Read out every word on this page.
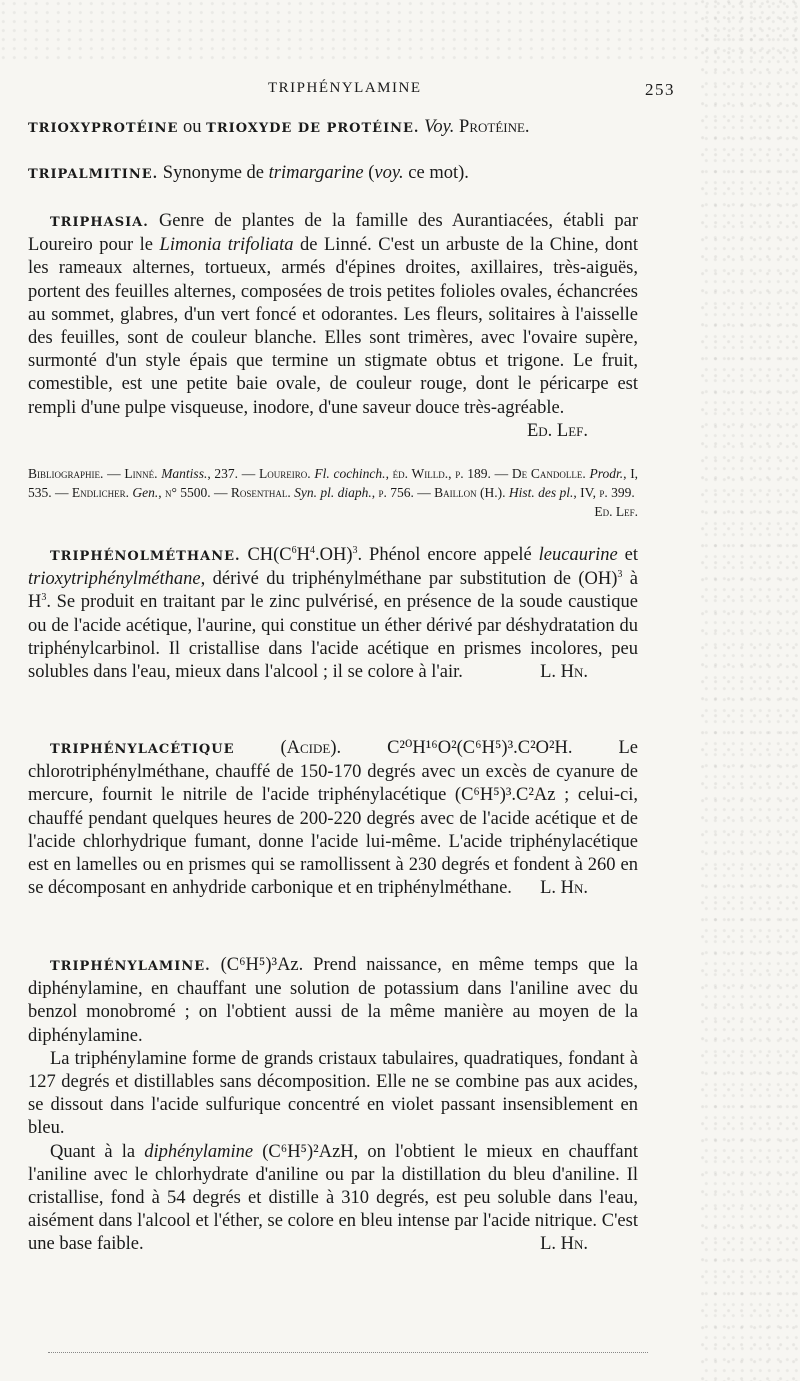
TRIPHÉNYLAMINE	253
TRIOXYPROTÉINE ou TRIOXYDE DE PROTÉINE. Voy. Protéine.
TRIPALMITINE. Synonyme de trimargarine (voy. ce mot).
TRIPHASIA. Genre de plantes de la famille des Aurantiacées, établi par Loureiro pour le Limonia trifoliata de Linné. C'est un arbuste de la Chine, dont les rameaux alternes, tortueux, armés d'épines droites, axillaires, très-aiguës, portent des feuilles alternes, composées de trois petites folioles ovales, échancrées au sommet, glabres, d'un vert foncé et odorantes. Les fleurs, solitaires à l'aisselle des feuilles, sont de couleur blanche. Elles sont trimères, avec l'ovaire supère, surmonté d'un style épais que termine un stigmate obtus et trigone. Le fruit, comestible, est une petite baie ovale, de couleur rouge, dont le péricarpe est rempli d'une pulpe visqueuse, inodore, d'une saveur douce très-agréable.
Ed. Lef.
Bibliographie. — Linné. Mantiss., 237. — Loureiro. Fl. cochinch., éd. Willd., p. 189. — De Candolle. Prodr., I, 535. — Endlicher. Gen., n° 5500. — Rosenthal. Syn. pl. diaph., p. 756. — Baillon (H.). Hist. des pl., IV, p. 399.
Ed. Lef.
TRIPHÉNOLMÉTHANE. $CH(C^6H^4.OH)^3$. Phénol encore appelé leucaurine et trioxytriphénylméthane, dérivé du triphénylméthane par substitution de (OH)$^3$ à $H^3$. Se produit en traitant par le zinc pulvérisé, en présence de la soude caustique ou de l'acide acétique, l'aurine, qui constitue un éther dérivé par déshydratation du triphénylcarbinol. Il cristallise dans l'acide acétique en prismes incolores, peu solubles dans l'eau, mieux dans l'alcool ; il se colore à l'air.	L. Hn.
TRIPHÉNYLACÉTIQUE (Acide). C²⁰H¹⁶O²(C⁶H⁵)³.C²O²H. Le chlorotriphénylméthane, chauffé de 150-170 degrés avec un excès de cyanure de mercure, fournit le nitrile de l'acide triphénylacétique (C⁶H⁵)³.C²Az ; celui-ci, chauffé pendant quelques heures de 200-220 degrés avec de l'acide acétique et de l'acide chlorhydrique fumant, donne l'acide lui-même. L'acide triphénylacétique est en lamelles ou en prismes qui se ramollissent à 230 degrés et fondent à 260 en se décomposant en anhydride carbonique et en triphénylméthane.	L. Hn.
TRIPHÉNYLAMINE. (C⁶H⁵)³Az. Prend naissance, en même temps que la diphénylamine, en chauffant une solution de potassium dans l'aniline avec du benzol monobromé ; on l'obtient aussi de la même manière au moyen de la diphénylamine.
La triphénylamine forme de grands cristaux tabulaires, quadratiques, fondant à 127 degrés et distillables sans décomposition. Elle ne se combine pas aux acides, se dissout dans l'acide sulfurique concentré en violet passant insensiblement en bleu.
Quant à la diphénylamine (C⁶H⁵)²AzH, on l'obtient le mieux en chauffant l'aniline avec le chlorhydrate d'aniline ou par la distillation du bleu d'aniline. Il cristallise, fond à 54 degrés et distille à 310 degrés, est peu soluble dans l'eau, aisément dans l'alcool et l'éther, se colore en bleu intense par l'acide nitrique. C'est une base faible.	L. Hn.
